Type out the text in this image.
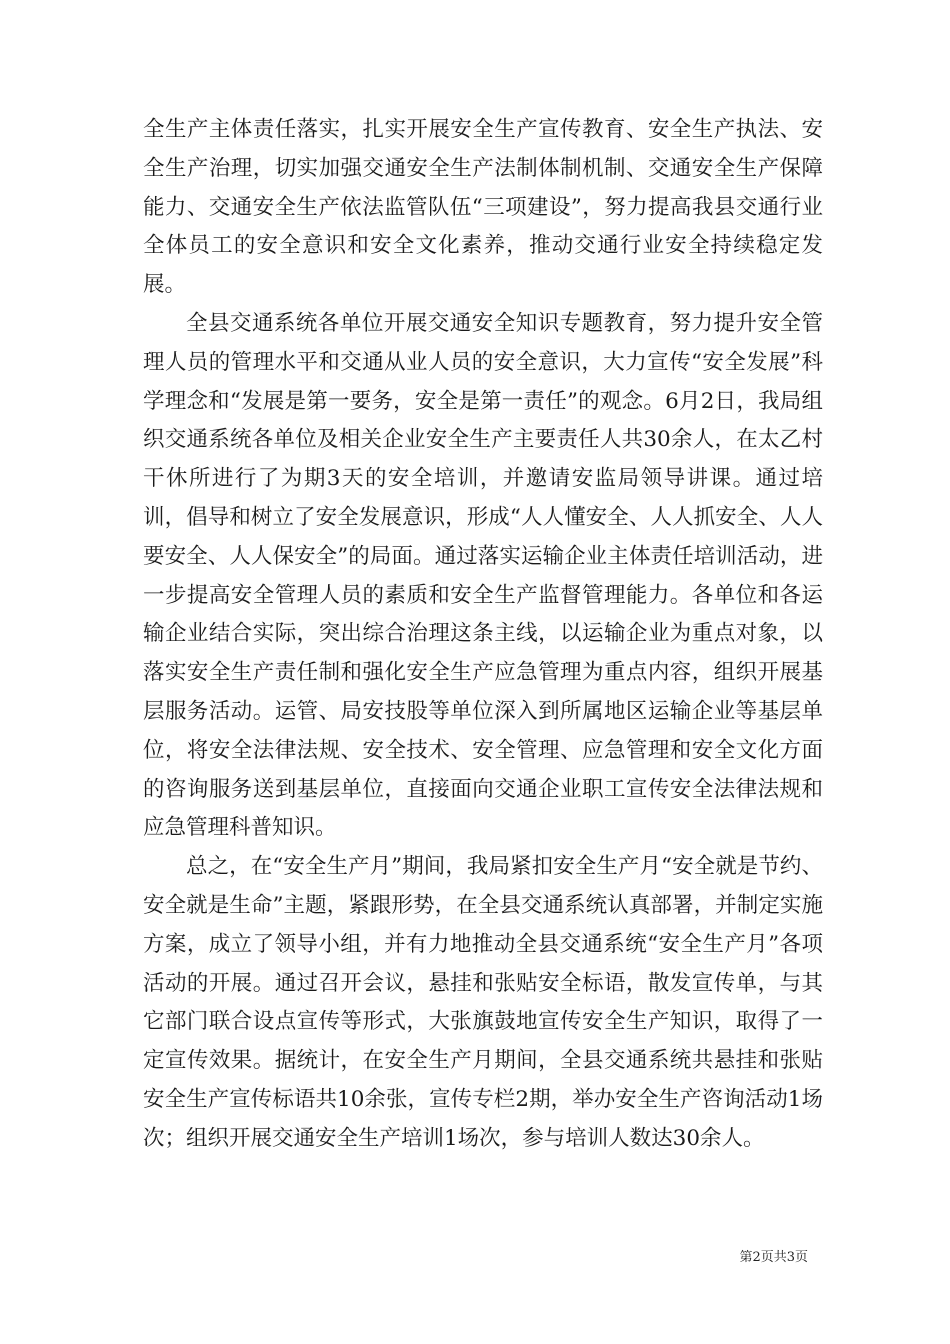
全生产主体责任落实，扎实开展安全生产宣传教育、安全生产执法、安全生产治理，切实加强交通安全生产法制体制机制、交通安全生产保障能力、交通安全生产依法监管队伍“三项建设”，努力提高我县交通行业全体员工的安全意识和安全文化素养，推动交通行业安全持续稳定发展。

全县交通系统各单位开展交通安全知识专题教育，努力提升安全管理人员的管理水平和交通从业人员的安全意识，大力宣传“安全发展”科学理念和“发展是第一要务，安全是第一责任”的观念。6月2日，我局组织交通系统各单位及相关企业安全生产主要责任人共30余人，在太乙村干休所进行了为期3天的安全培训，并邀请安监局领导讲课。通过培训，倡导和树立了安全发展意识，形成“人人懂安全、人人抓安全、人人要安全、人人保安全”的局面。通过落实运输企业主体责任培训活动，进一步提高安全管理人员的素质和安全生产监督管理能力。各单位和各运输企业结合实际，突出综合治理这条主线，以运输企业为重点对象，以落实安全生产责任制和强化安全生产应急管理为重点内容，组织开展基层服务活动。运管、局安技股等单位深入到所属地区运输企业等基层单位，将安全法律法规、安全技术、安全管理、应急管理和安全文化方面的咨询服务送到基层单位，直接面向交通企业职工宣传安全法律法规和应急管理科普知识。

总之，在“安全生产月”期间，我局紧扣安全生产月“安全就是节约、安全就是生命”主题，紧跟形势，在全县交通系统认真部署，并制定实施方案，成立了领导小组，并有力地推动全县交通系统“安全生产月”各项活动的开展。通过召开会议，悬挂和张贴安全标语，散发宣传单，与其它部门联合设点宣传等形式，大张旗鼓地宣传安全生产知识，取得了一定宣传效果。据统计，在安全生产月期间，全县交通系统共悬挂和张贴安全生产宣传标语共10余张，宣传专栏2期，举办安全生产咨询活动1场次；组织开展交通安全生产培训1场次，参与培训人数达30余人。

第2页共3页
